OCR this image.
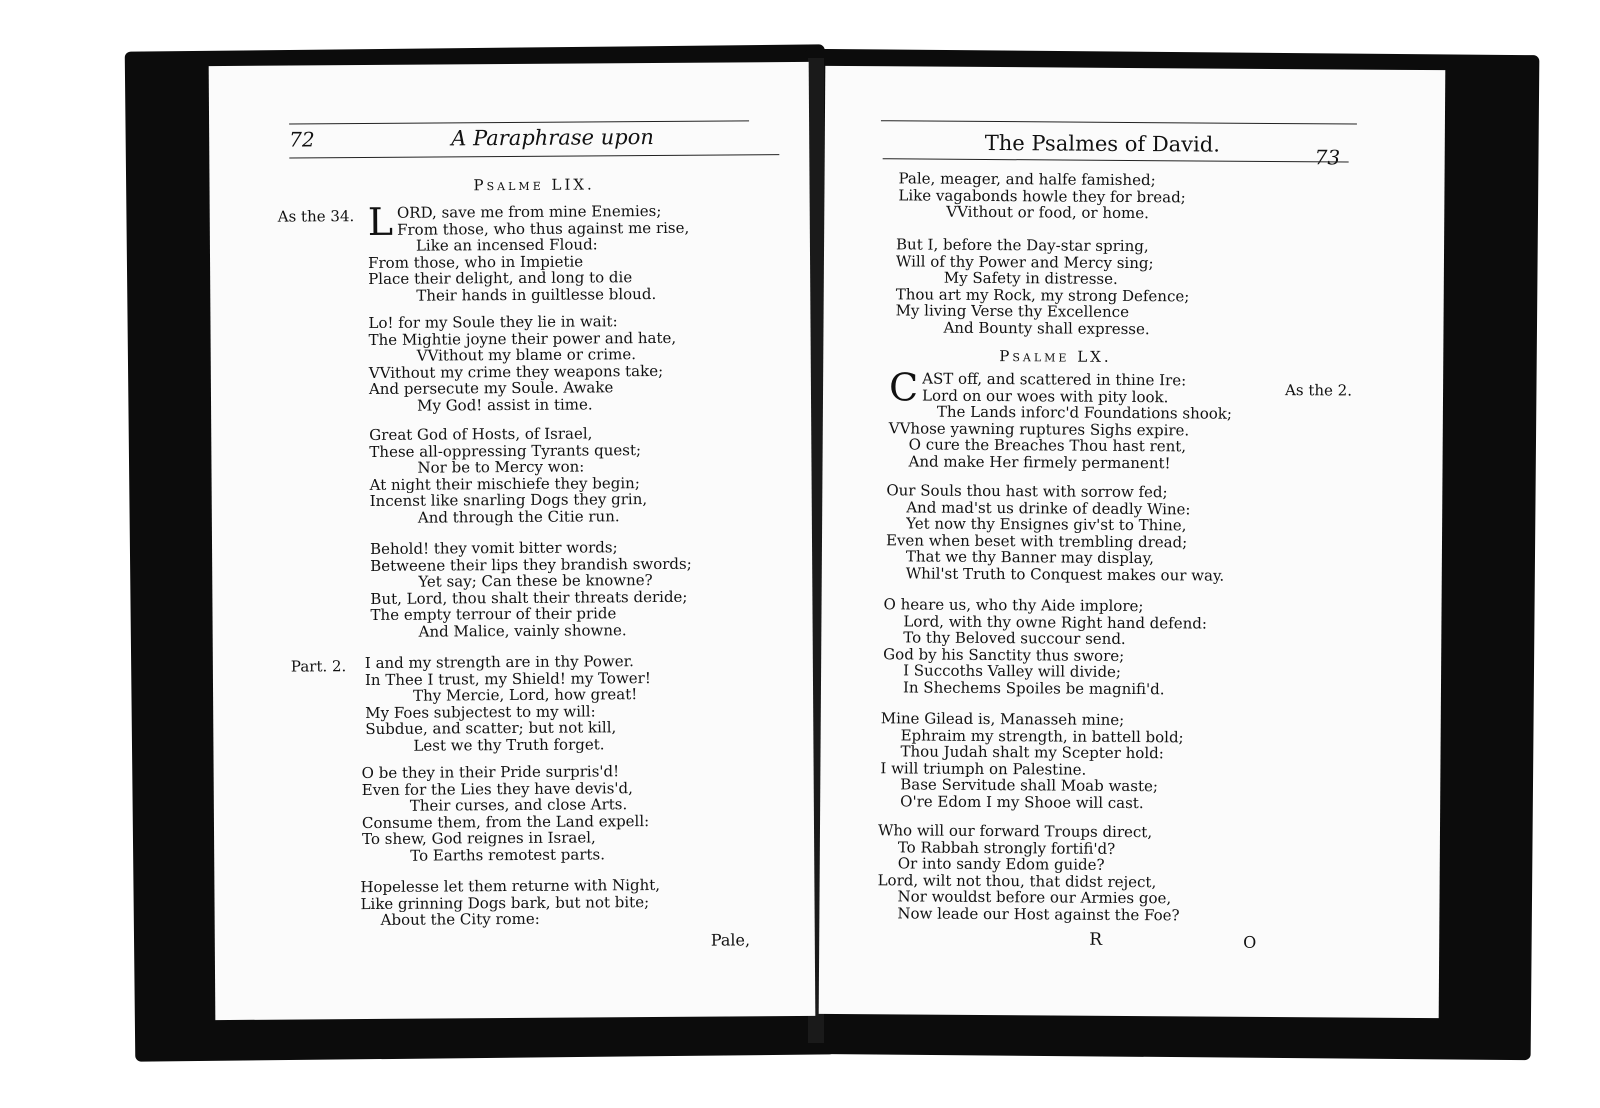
72	A Paraphrase upon
Psalme LIX.
As the 34.
Part. 2.
LORD, save me from mine Enemies;
From those, who thus against me rise,
Like an incensed Floud:
From those, who in Impietie
Place their delight, and long to die
Their hands in guiltlesse bloud.
Lo! for my Soule they lie in wait:
The Mightie joyne their power and hate,
VVithout my blame or crime.
VVithout my crime they weapons take;
And persecute my Soule. Awake
My God! assist in time.
Great God of Hosts, of Israel,
These all-oppressing Tyrants quest;
Nor be to Mercy won:
At night their mischiefe they begin;
Incenst like snarling Dogs they grin,
And through the Citie run.
Behold! they vomit bitter words;
Betweene their lips they brandish swords;
Yet say; Can these be knowne?
But, Lord, thou shalt their threats deride;
The empty terrour of their pride
And Malice, vainly showne.
I and my strength are in thy Power.
In Thee I trust, my Shield! my Tower!
Thy Mercie, Lord, how great!
My Foes subjectest to my will:
Subdue, and scatter; but not kill,
Lest we thy Truth forget.
O be they in their Pride surpris'd!
Even for the Lies they have devis'd,
Their curses, and close Arts.
Consume them, from the Land expell:
To shew, God reignes in Israel,
To Earths remotest parts.
Hopelesse let them returne with Night,
Like grinning Dogs bark, but not bite;
About the City rome:
Pale,
The Psalmes of David.
73
Pale, meager, and halfe famished;
Like vagabonds howle they for bread;
VVithout or food, or home.
But I, before the Day-star spring,
Will of thy Power and Mercy sing;
My Safety in distresse.
Thou art my Rock, my strong Defence;
My living Verse thy Excellence
And Bounty shall expresse.
Psalme LX.
As the 2.
CAST off, and scattered in thine Ire:
Lord on our woes with pity look.
The Lands inforc'd Foundations shook;
VVhose yawning ruptures Sighs expire.
O cure the Breaches Thou hast rent,
And make Her firmely permanent!
Our Souls thou hast with sorrow fed;
And mad'st us drinke of deadly Wine:
Yet now thy Ensignes giv'st to Thine,
Even when beset with trembling dread;
That we thy Banner may display,
Whil'st Truth to Conquest makes our way.
O heare us, who thy Aide implore;
Lord, with thy owne Right hand defend:
To thy Beloved succour send.
God by his Sanctity thus swore;
I Succoths Valley will divide;
In Shechems Spoiles be magnifi'd.
Mine Gilead is, Manasseh mine;
Ephraim my strength, in battell bold;
Thou Judah shalt my Scepter hold:
I will triumph on Palestine.
Base Servitude shall Moab waste;
O're Edom I my Shooe will cast.
Who will our forward Troups direct,
To Rabbah strongly fortifi'd?
Or into sandy Edom guide?
Lord, wilt not thou, that didst reject,
Nor wouldst before our Armies goe,
Now leade our Host against the Foe?
R	O
